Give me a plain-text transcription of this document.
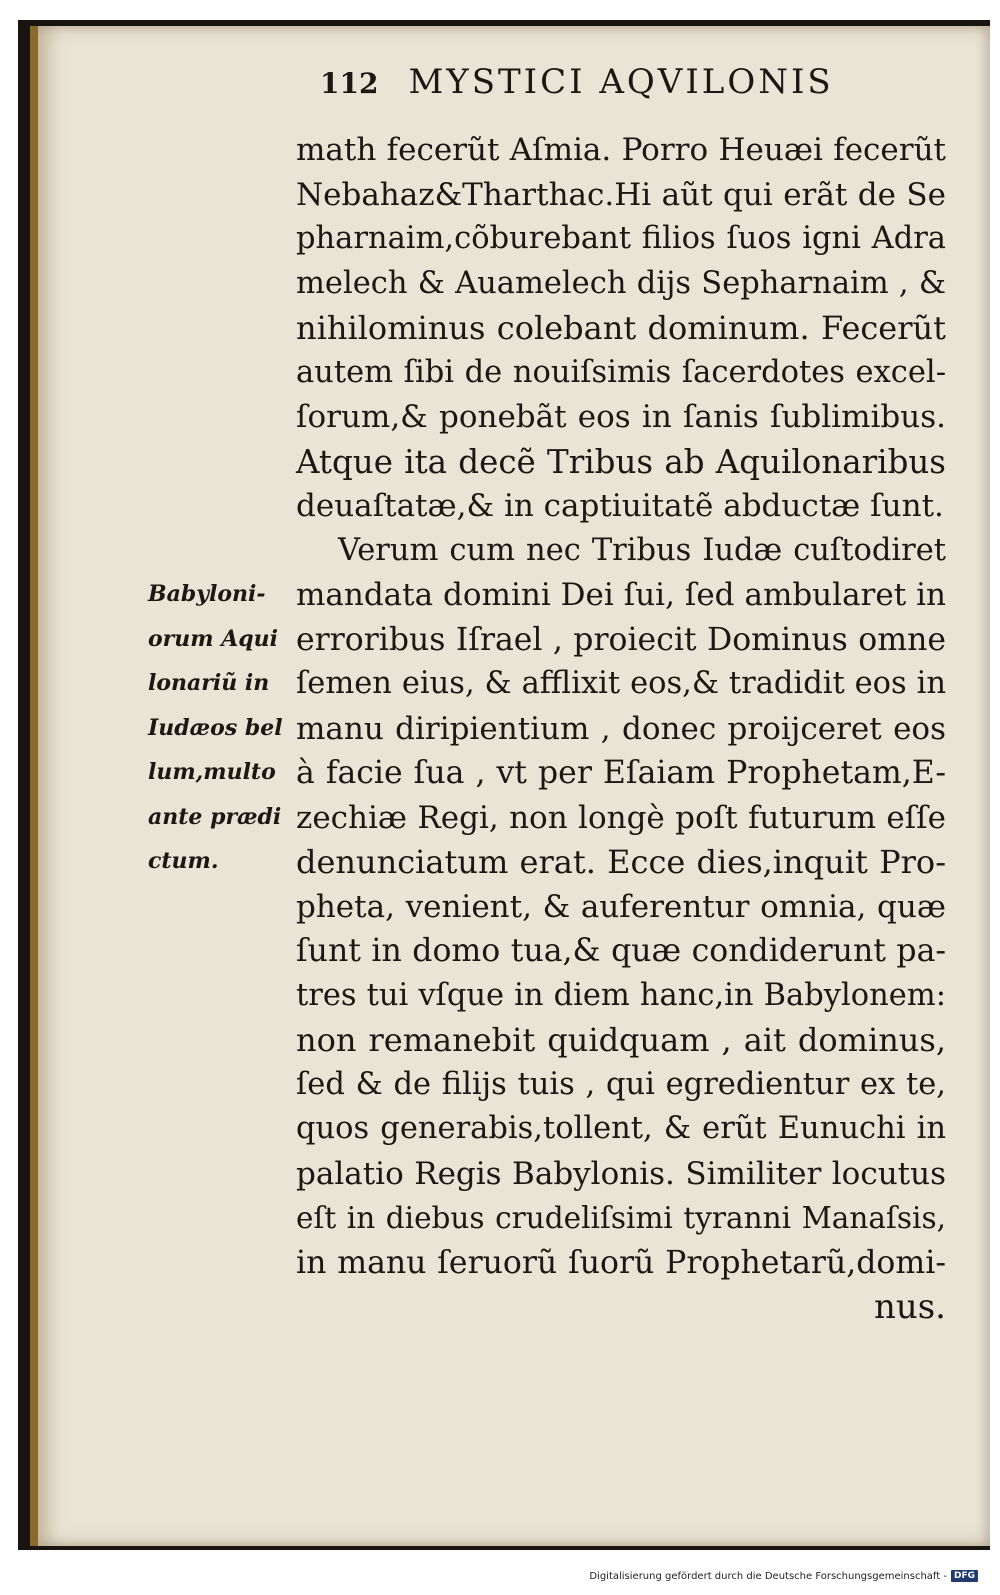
112 MYSTICI AQVILONIS
math fecerũt Aſmia. Porro Heuæi fecerũt
Nebahaz&Tharthac.Hi aũt qui erãt de Se
pharnaim,cõburebant filios ſuos igni Adra
melech & Auamelech dijs Sepharnaim , &
nihilominus colebant dominum. Fecerũt
autem ſibi de nouiſsimis ſacerdotes excel-
ſorum,& ponebãt eos in ſanis ſublimibus.
Atque ita decẽ Tribus ab Aquilonaribus
deuaſtatæ,& in captiuitatẽ abductæ ſunt.
Verum cum nec Tribus Iudæ cuſtodiret
mandata domini Dei ſui, ſed ambularet in
erroribus Iſrael , proiecit Dominus omne
ſemen eius, & afflixit eos,& tradidit eos in
manu diripientium , donec proijceret eos
à facie ſua , vt per Eſaiam Prophetam,E-
zechiæ Regi, non longè poſt futurum eſſe
denunciatum erat. Ecce dies,inquit Pro-
pheta, venient, & auferentur omnia, quæ
ſunt in domo tua,& quæ condiderunt pa-
tres tui vſque in diem hanc,in Babylonem:
non remanebit quidquam , ait dominus,
ſed & de filijs tuis , qui egredientur ex te,
quos generabis,tollent, & erũt Eunuchi in
palatio Regis Babylonis. Similiter locutus
eſt in diebus crudeliſsimi tyranni Manaſsis,
in manu ſeruorũ ſuorũ Prophetarũ,domi-
nus.
Babyloni-
orum Aqui
lonariũ in
Iudæos bel
lum,multo
ante prædi
ctum.
Digitalisierung gefördert durch die Deutsche Forschungsgemeinschaft - DFG
